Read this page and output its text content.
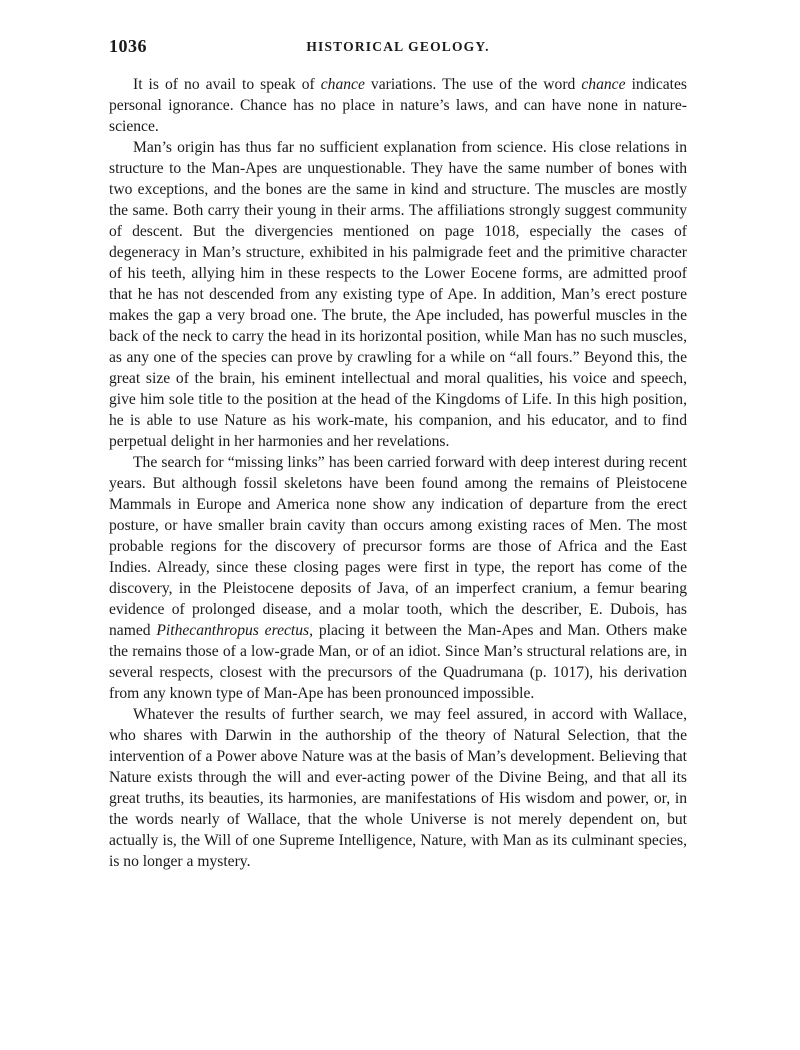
1036	HISTORICAL GEOLOGY.

It is of no avail to speak of chance variations. The use of the word chance indicates personal ignorance. Chance has no place in nature’s laws, and can have none in nature-science.

Man’s origin has thus far no sufficient explanation from science. His close relations in structure to the Man-Apes are unquestionable. They have the same number of bones with two exceptions, and the bones are the same in kind and structure. The muscles are mostly the same. Both carry their young in their arms. The affiliations strongly suggest community of descent. But the divergencies mentioned on page 1018, especially the cases of degeneracy in Man’s structure, exhibited in his palmigrade feet and the primitive character of his teeth, allying him in these respects to the Lower Eocene forms, are admitted proof that he has not descended from any existing type of Ape. In addition, Man’s erect posture makes the gap a very broad one. The brute, the Ape included, has powerful muscles in the back of the neck to carry the head in its horizontal position, while Man has no such muscles, as any one of the species can prove by crawling for a while on “all fours.” Beyond this, the great size of the brain, his eminent intellectual and moral qualities, his voice and speech, give him sole title to the position at the head of the Kingdoms of Life. In this high position, he is able to use Nature as his work-mate, his companion, and his educator, and to find perpetual delight in her harmonies and her revelations.

The search for “missing links” has been carried forward with deep interest during recent years. But although fossil skeletons have been found among the remains of Pleistocene Mammals in Europe and America none show any indication of departure from the erect posture, or have smaller brain cavity than occurs among existing races of Men. The most probable regions for the discovery of precursor forms are those of Africa and the East Indies. Already, since these closing pages were first in type, the report has come of the discovery, in the Pleistocene deposits of Java, of an imperfect cranium, a femur bearing evidence of prolonged disease, and a molar tooth, which the describer, E. Dubois, has named Pithecanthropus erectus, placing it between the Man-Apes and Man. Others make the remains those of a low-grade Man, or of an idiot. Since Man’s structural relations are, in several respects, closest with the precursors of the Quadrumana (p. 1017), his derivation from any known type of Man-Ape has been pronounced impossible.

Whatever the results of further search, we may feel assured, in accord with Wallace, who shares with Darwin in the authorship of the theory of Natural Selection, that the intervention of a Power above Nature was at the basis of Man’s development. Believing that Nature exists through the will and ever-acting power of the Divine Being, and that all its great truths, its beauties, its harmonies, are manifestations of His wisdom and power, or, in the words nearly of Wallace, that the whole Universe is not merely dependent on, but actually is, the Will of one Supreme Intelligence, Nature, with Man as its culminant species, is no longer a mystery.
